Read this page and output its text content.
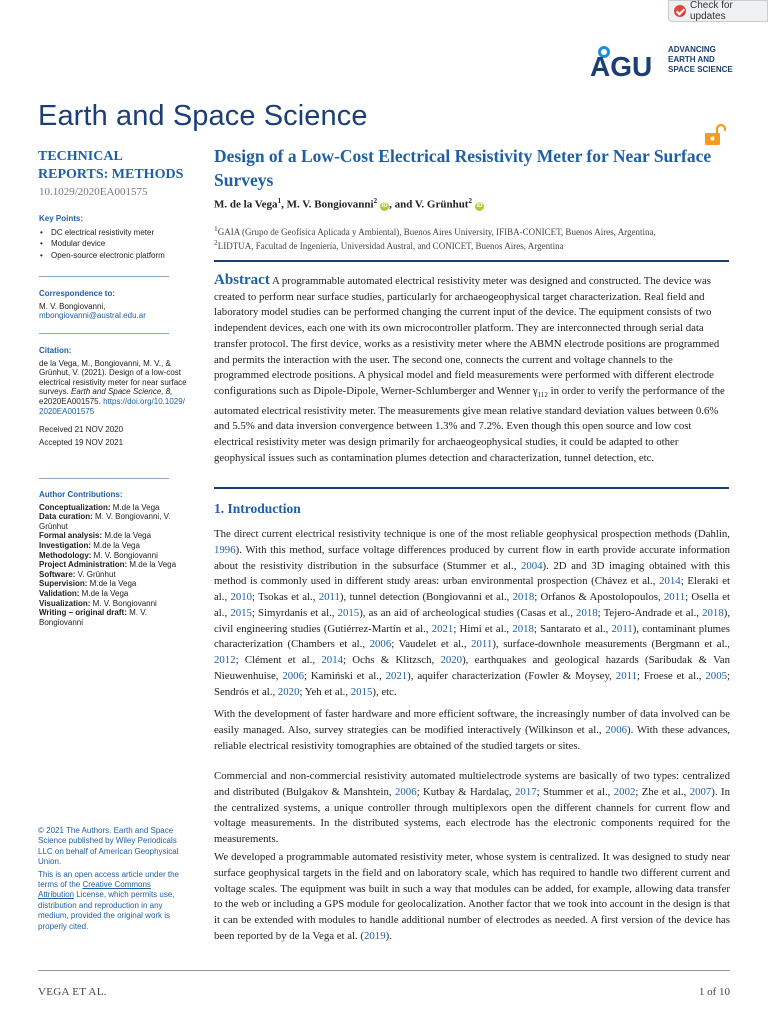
Check for updates
AGU
ADVANCING
EARTH AND
SPACE SCIENCE
Earth and Space Science
TECHNICAL
REPORTS: METHODS
10.1029/2020EA001575

Key Points:

• DC electrical resistivity meter
• Modular device
• Open-source electronic platform

Correspondence to:

M. V. Bongiovanni,
mbongiovanni@austral.edu.ar

Citation:

de la Vega, M., Bongiovanni, M. V., & Grünhut, V. (2021). Design of a low-cost electrical resistivity meter for near surface surveys. Earth and Space Science, 8, e2020EA001575. https://doi.org/10.1029/2020EA001575
Received 21 NOV 2020
Accepted 19 NOV 2021

Author Contributions:

Conceptualization: M.de la Vega

Data curation: M. V. Bongiovanni, V. Grünhut

Formal analysis: M.de la Vega

Investigation: M.de la Vega

Methodology: M. V. Bongiovanni

Project Administration: M.de la Vega

Software: V. Grünhut

Supervision: M.de la Vega

Validation: M.de la Vega

Visualization: M. V. Bongiovanni

Writing – original draft: M. V. Bongiovanni

© 2021 The Authors. Earth and Space Science published by Wiley Periodicals LLC on behalf of American Geophysical Union.

This is an open access article under the terms of the Creative Commons Attribution License, which permits use, distribution and reproduction in any medium, provided the original work is properly cited.

Design of a Low-Cost Electrical Resistivity Meter for Near Surface Surveys
M. de la Vega$^1$, M. V. Bongiovanni$^2$iD , and V. Grünhut$^2$iD
$^1$GAIA (Grupo de Geofísica Aplicada y Ambiental), Buenos Aires University, IFIBA-CONICET, Buenos Aires, Argentina,
$^2$LIDTUA, Facultad de Ingeniería, Universidad Austral, and CONICET, Buenos Aires, Argentina

Abstract A programmable automated electrical resistivity meter was designed and constructed. The device was created to perform near surface studies, particularly for archaeogeophysical target characterization. Real field and laboratory model studies can be performed changing the current input of the device. The equipment consists of two independent devices, each one with its own microcontroller platform. They are interconnected through serial data transfer protocol. The first device, works as a resistivity meter where the ABMN electrode positions are programmed and permits the interaction with the user. The second one, connects the current and voltage channels to the programmed electrode positions. A physical model and field measurements were performed with different electrode configurations such as Dipole-Dipole, Werner-Schlumberger and Wenner $\gamma_{112}$ in order to verify the performance of the automated electrical resistivity meter. The measurements give mean relative standard deviation values between 0.6% and 5.5% and data inversion convergence between 1.3% and 7.2%. Even though this open source and low cost electrical resistivity meter was design primarily for archaeogeophysical studies, it could be adapted to other geophysical issues such as contamination plumes detection and characterization, tunnel detection, etc.

1. Introduction

The direct current electrical resistivity technique is one of the most reliable geophysical prospection methods (Dahlin, 1996). With this method, surface voltage differences produced by current flow in earth provide accurate information about the resistivity distribution in the subsurface (Stummer et al., 2004). 2D and 3D imaging obtained with this method is commonly used in different study areas: urban environmental prospection (Chávez et al., 2014; Eleraki et al., 2010; Tsokas et al., 2011), tunnel detection (Bongiovanni et al., 2018; Orfanos & Apostolopoulos, 2011; Osella et al., 2015; Simyrdanis et al., 2015), as an aid of archeological studies (Casas et al., 2018; Tejero-Andrade et al., 2018), civil engineering studies (Gutiérrez-Martín et al., 2021; Himi et al., 2018; Santarato et al., 2011), contaminant plumes characterization (Chambers et al., 2006; Vaudelet et al., 2011), surface-downhole measurements (Bergmann et al., 2012; Clément et al., 2014; Ochs & Klitzsch, 2020), earthquakes and geological hazards (Saribudak & Van Nieuwenhuise, 2006; Kamiński et al., 2021), aquifer characterization (Fowler & Moysey, 2011; Froese et al., 2005; Sendrós et al., 2020; Yeh et al., 2015), etc.

With the development of faster hardware and more efficient software, the increasingly number of data involved can be easily managed. Also, survey strategies can be modified interactively (Wilkinson et al., 2006). With these advances, reliable electrical resistivity tomographies are obtained of the studied targets or sites.

Commercial and non-commercial resistivity automated multielectrode systems are basically of two types: centralized and distributed (Bulgakov & Manshtein, 2006; Kutbay & Hardalaç, 2017; Stummer et al., 2002; Zhe et al., 2007). In the centralized systems, a unique controller through multiplexors open the different channels for current flow and voltage measurements. In the distributed systems, each electrode has the electronic components required for the measurements.

We developed a programmable automated resistivity meter, whose system is centralized. It was designed to study near surface geophysical targets in the field and on laboratory scale, which has required to handle two different current and voltage scales. The equipment was built in such a way that modules can be added, for example, allowing data transfer to the web or including a GPS module for geolocalization. Another factor that we took into account in the design is that it can be extended with modules to handle additional number of electrodes as needed. A first version of the device has been reported by de la Vega et al. (2019).

VEGA ET AL.	1 of 10
